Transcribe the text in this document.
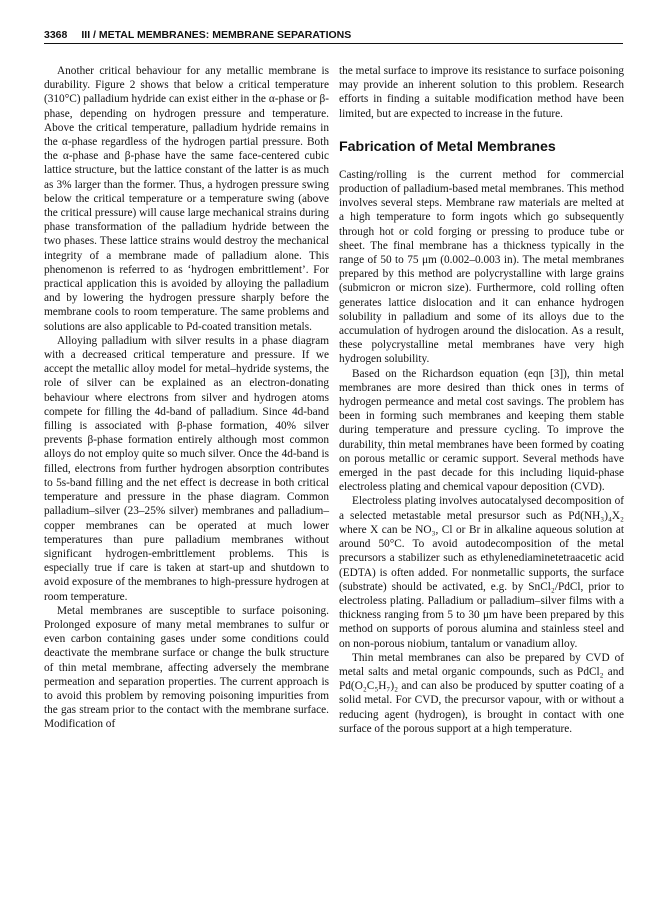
3368 III / METAL MEMBRANES: MEMBRANE SEPARATIONS

Another critical behaviour for any metallic membrane is durability. Figure 2 shows that below a critical temperature (310°C) palladium hydride can exist either in the α-phase or β-phase, depending on hydrogen pressure and temperature. Above the critical temperature, palladium hydride remains in the α-phase regardless of the hydrogen partial pressure. Both the α-phase and β-phase have the same face-centered cubic lattice structure, but the lattice constant of the latter is as much as 3% larger than the former. Thus, a hydrogen pressure swing below the critical temperature or a temperature swing (above the critical pressure) will cause large mechanical strains during phase transformation of the palladium hydride between the two phases. These lattice strains would destroy the mechanical integrity of a membrane made of palladium alone. This phenomenon is referred to as ‘hydrogen embrittlement’. For practical application this is avoided by alloying the palladium and by lowering the hydrogen pressure sharply before the membrane cools to room temperature. The same problems and solutions are also applicable to Pd-coated transition metals.

Alloying palladium with silver results in a phase diagram with a decreased critical temperature and pressure. If we accept the metallic alloy model for metal–hydride systems, the role of silver can be explained as an electron-donating behaviour where electrons from silver and hydrogen atoms compete for filling the 4d-band of palladium. Since 4d-band filling is associated with β-phase formation, 40% silver prevents β-phase formation entirely although most common alloys do not employ quite so much silver. Once the 4d-band is filled, electrons from further hydrogen absorption contributes to 5s-band filling and the net effect is decrease in both critical temperature and pressure in the phase diagram. Common palladium–silver (23–25% silver) membranes and palladium–copper membranes can be operated at much lower temperatures than pure palladium membranes without significant hydrogen-embrittlement problems. This is especially true if care is taken at start-up and shutdown to avoid exposure of the membranes to high-pressure hydrogen at room temperature.

Metal membranes are susceptible to surface poisoning. Prolonged exposure of many metal membranes to sulfur or even carbon containing gases under some conditions could deactivate the membrane surface or change the bulk structure of thin metal membrane, affecting adversely the membrane permeation and separation properties. The current approach is to avoid this problem by removing poisoning impurities from the gas stream prior to the contact with the membrane surface. Modification of

the metal surface to improve its resistance to surface poisoning may provide an inherent solution to this problem. Research efforts in finding a suitable modification method have been limited, but are expected to increase in the future.

Fabrication of Metal Membranes

Casting/rolling is the current method for commercial production of palladium-based metal membranes. This method involves several steps. Membrane raw materials are melted at a high temperature to form ingots which go subsequently through hot or cold forging or pressing to produce tube or sheet. The final membrane has a thickness typically in the range of 50 to 75 μm (0.002–0.003 in). The metal membranes prepared by this method are polycrystalline with large grains (submicron or micron size). Furthermore, cold rolling often generates lattice dislocation and it can enhance hydrogen solubility in palladium and some of its alloys due to the accumulation of hydrogen around the dislocation. As a result, these polycrystalline metal membranes have very high hydrogen solubility.

Based on the Richardson equation (eqn [3]), thin metal membranes are more desired than thick ones in terms of hydrogen permeance and metal cost savings. The problem has been in forming such membranes and keeping them stable during temperature and pressure cycling. To improve the durability, thin metal membranes have been formed by coating on porous metallic or ceramic support. Several methods have emerged in the past decade for this including liquid-phase electroless plating and chemical vapour deposition (CVD).

Electroless plating involves autocatalysed decomposition of a selected metastable metal presursor such as Pd(NH₃)₄X₂ where X can be NO₃, Cl or Br in alkaline aqueous solution at around 50°C. To avoid autodecomposition of the metal precursors a stabilizer such as ethylenediaminetetraacetic acid (EDTA) is often added. For nonmetallic supports, the surface (substrate) should be activated, e.g. by SnCl₂/PdCl, prior to electroless plating. Palladium or palladium–silver films with a thickness ranging from 5 to 30 μm have been prepared by this method on supports of porous alumina and stainless steel and on non-porous niobium, tantalum or vanadium alloy.

Thin metal membranes can also be prepared by CVD of metal salts and metal organic compounds, such as PdCl₂ and Pd(O₂C₅H₇)₂ and can also be produced by sputter coating of a solid metal. For CVD, the precursor vapour, with or without a reducing agent (hydrogen), is brought in contact with one surface of the porous support at a high temperature.
